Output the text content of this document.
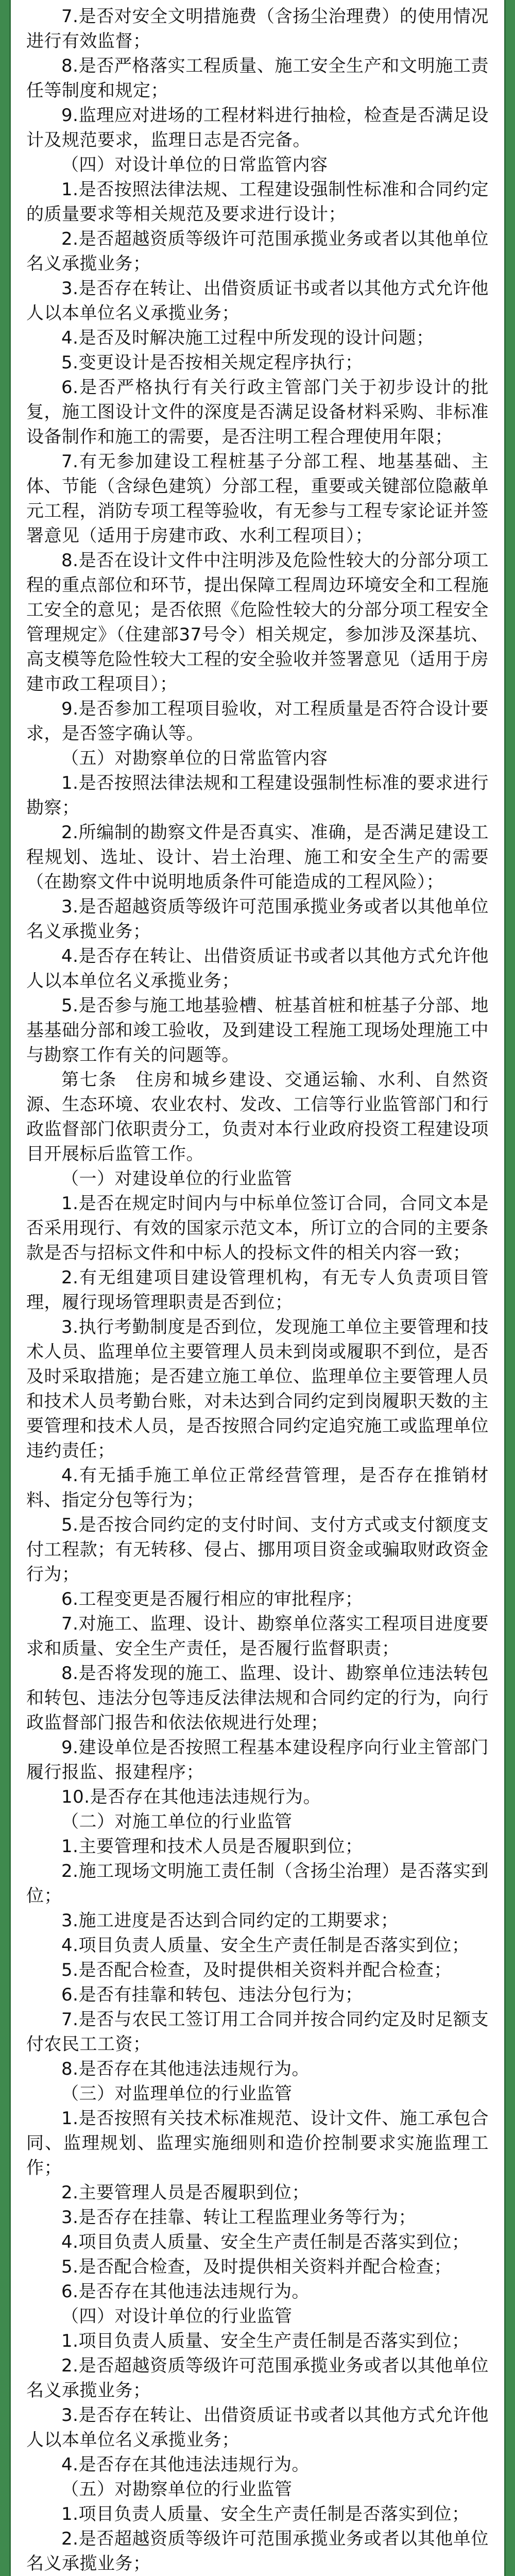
7.是否对安全文明措施费（含扬尘治理费）的使用情况进行有效监督；

8.是否严格落实工程质量、施工安全生产和文明施工责任等制度和规定；

9.监理应对进场的工程材料进行抽检，检查是否满足设计及规范要求，监理日志是否完备。

（四）对设计单位的日常监管内容

1.是否按照法律法规、工程建设强制性标准和合同约定的质量要求等相关规范及要求进行设计；

2.是否超越资质等级许可范围承揽业务或者以其他单位名义承揽业务；

3.是否存在转让、出借资质证书或者以其他方式允许他人以本单位名义承揽业务；

4.是否及时解决施工过程中所发现的设计问题；

5.变更设计是否按相关规定程序执行；

6.是否严格执行有关行政主管部门关于初步设计的批复，施工图设计文件的深度是否满足设备材料采购、非标准设备制作和施工的需要，是否注明工程合理使用年限；

7.有无参加建设工程桩基子分部工程、地基基础、主体、节能（含绿色建筑）分部工程，重要或关键部位隐蔽单元工程，消防专项工程等验收，有无参与工程专家论证并签署意见（适用于房建市政、水利工程项目）；

8.是否在设计文件中注明涉及危险性较大的分部分项工程的重点部位和环节，提出保障工程周边环境安全和工程施工安全的意见；是否依照《危险性较大的分部分项工程安全管理规定》（住建部37号令）相关规定，参加涉及深基坑、高支模等危险性较大工程的安全验收并签署意见（适用于房建市政工程项目）；

9.是否参加工程项目验收，对工程质量是否符合设计要求，是否签字确认等。

（五）对勘察单位的日常监管内容

1.是否按照法律法规和工程建设强制性标准的要求进行勘察；

2.所编制的勘察文件是否真实、准确，是否满足建设工程规划、选址、设计、岩土治理、施工和安全生产的需要（在勘察文件中说明地质条件可能造成的工程风险）；

3.是否超越资质等级许可范围承揽业务或者以其他单位名义承揽业务；

4.是否存在转让、出借资质证书或者以其他方式允许他人以本单位名义承揽业务；

5.是否参与施工地基验槽、桩基首桩和桩基子分部、地基基础分部和竣工验收，及到建设工程施工现场处理施工中与勘察工作有关的问题等。

第七条　住房和城乡建设、交通运输、水利、自然资源、生态环境、农业农村、发改、工信等行业监管部门和行政监督部门依职责分工，负责对本行业政府投资工程建设项目开展标后监管工作。

（一）对建设单位的行业监管

1.是否在规定时间内与中标单位签订合同，合同文本是否采用现行、有效的国家示范文本，所订立的合同的主要条款是否与招标文件和中标人的投标文件的相关内容一致；

2.有无组建项目建设管理机构，有无专人负责项目管理，履行现场管理职责是否到位；

3.执行考勤制度是否到位，发现施工单位主要管理和技术人员、监理单位主要管理人员未到岗或履职不到位，是否及时采取措施；是否建立施工单位、监理单位主要管理人员和技术人员考勤台账，对未达到合同约定到岗履职天数的主要管理和技术人员，是否按照合同约定追究施工或监理单位违约责任；

4.有无插手施工单位正常经营管理，是否存在推销材料、指定分包等行为；

5.是否按合同约定的支付时间、支付方式或支付额度支付工程款；有无转移、侵占、挪用项目资金或骗取财政资金行为；

6.工程变更是否履行相应的审批程序；

7.对施工、监理、设计、勘察单位落实工程项目进度要求和质量、安全生产责任，是否履行监督职责；

8.是否将发现的施工、监理、设计、勘察单位违法转包和转包、违法分包等违反法律法规和合同约定的行为，向行政监督部门报告和依法依规进行处理；

9.建设单位是否按照工程基本建设程序向行业主管部门履行报监、报建程序；

10.是否存在其他违法违规行为。

（二）对施工单位的行业监管

1.主要管理和技术人员是否履职到位；

2.施工现场文明施工责任制（含扬尘治理）是否落实到位；

3.施工进度是否达到合同约定的工期要求；

4.项目负责人质量、安全生产责任制是否落实到位；

5.是否配合检查，及时提供相关资料并配合检查；

6.是否有挂靠和转包、违法分包行为；

7.是否与农民工签订用工合同并按合同约定及时足额支付农民工工资；

8.是否存在其他违法违规行为。

（三）对监理单位的行业监管

1.是否按照有关技术标准规范、设计文件、施工承包合同、监理规划、监理实施细则和造价控制要求实施监理工作；

2.主要管理人员是否履职到位；

3.是否存在挂靠、转让工程监理业务等行为；

4.项目负责人质量、安全生产责任制是否落实到位；

5.是否配合检查，及时提供相关资料并配合检查；

6.是否存在其他违法违规行为。

（四）对设计单位的行业监管

1.项目负责人质量、安全生产责任制是否落实到位；

2.是否超越资质等级许可范围承揽业务或者以其他单位名义承揽业务；

3.是否存在转让、出借资质证书或者以其他方式允许他人以本单位名义承揽业务；

4.是否存在其他违法违规行为。

（五）对勘察单位的行业监管

1.项目负责人质量、安全生产责任制是否落实到位；

2.是否超越资质等级许可范围承揽业务或者以其他单位名义承揽业务；
